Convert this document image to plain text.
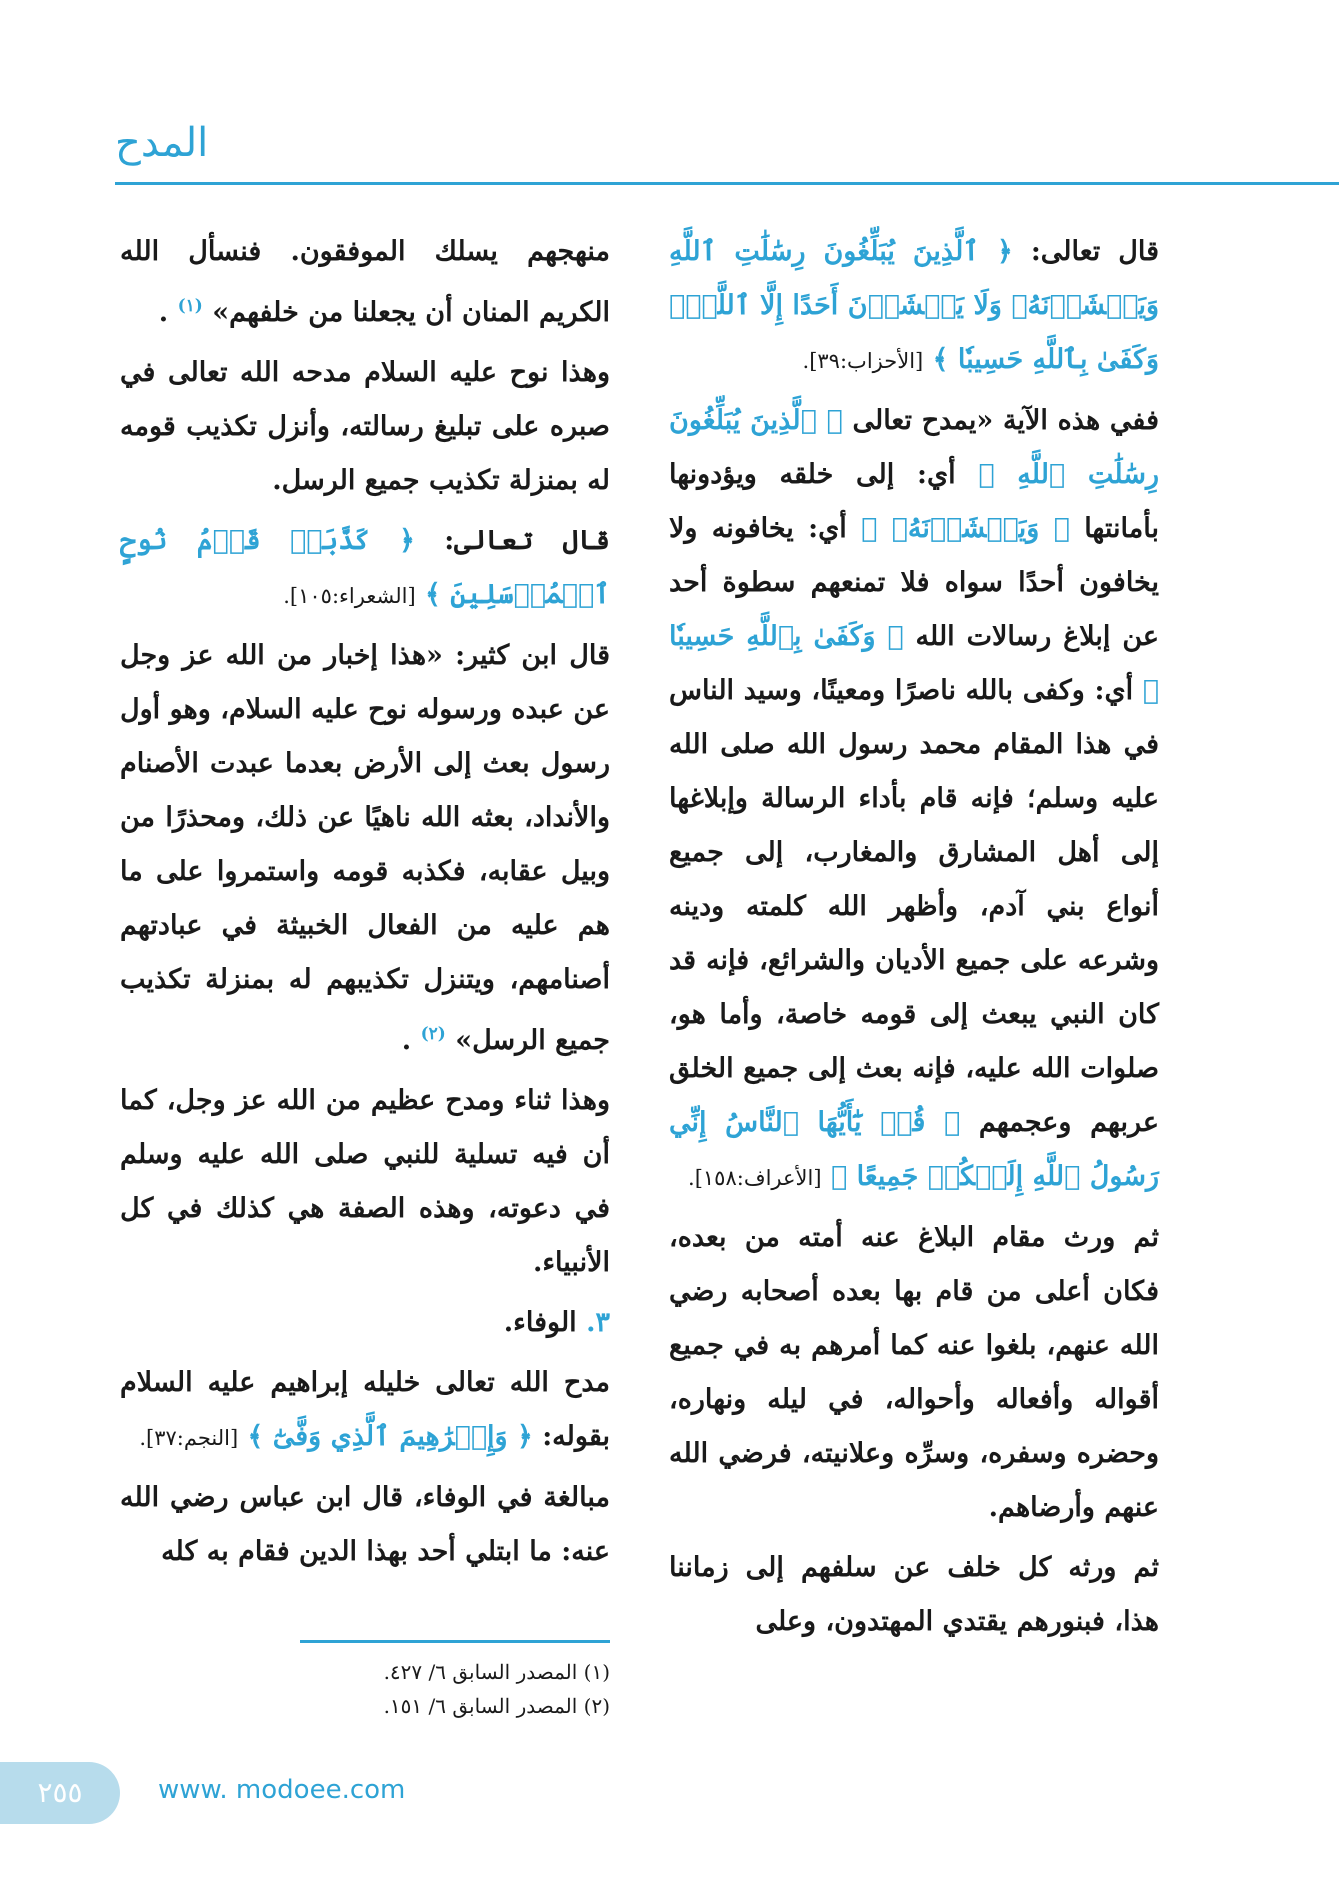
المدح

قال تعالى: ﴿ ٱلَّذِينَ يُبَلِّغُونَ رِسَٰلَٰتِ ٱللَّهِ وَيَخۡشَوۡنَهُۥ وَلَا يَخۡشَوۡنَ أَحَدًا إِلَّا ٱللَّهَۗ وَكَفَىٰ بِٱللَّهِ حَسِيبٗا ﴾ [الأحزاب:٣٩].

ففي هذه الآية «يمدح تعالى ﴿ ٱلَّذِينَ يُبَلِّغُونَ رِسَٰلَٰتِ ٱللَّهِ ﴾ أي: إلى خلقه ويؤدونها بأمانتها ﴿ وَيَخۡشَوۡنَهُۥ ﴾ أي: يخافونه ولا يخافون أحدًا سواه فلا تمنعهم سطوة أحد عن إبلاغ رسالات الله ﴿ وَكَفَىٰ بِٱللَّهِ حَسِيبٗا ﴾ أي: وكفى بالله ناصرًا ومعينًا، وسيد الناس في هذا المقام محمد رسول الله صلى الله عليه وسلم؛ فإنه قام بأداء الرسالة وإبلاغها إلى أهل المشارق والمغارب، إلى جميع أنواع بني آدم، وأظهر الله كلمته ودينه وشرعه على جميع الأديان والشرائع، فإنه قد كان النبي يبعث إلى قومه خاصة، وأما هو، صلوات الله عليه، فإنه بعث إلى جميع الخلق عربهم وعجمهم ﴿ قُلۡ يَٰٓأَيُّهَا ٱلنَّاسُ إِنِّي رَسُولُ ٱللَّهِ إِلَيۡكُمۡ جَمِيعًا ﴾ [الأعراف:١٥٨].

ثم ورث مقام البلاغ عنه أمته من بعده، فكان أعلى من قام بها بعده أصحابه رضي الله عنهم، بلغوا عنه كما أمرهم به في جميع أقواله وأفعاله وأحواله، في ليله ونهاره، وحضره وسفره، وسرِّه وعلانيته، فرضي الله عنهم وأرضاهم.

ثم ورثه كل خلف عن سلفهم إلى زماننا هذا، فبنورهم يقتدي المهتدون، وعلى

منهجهم يسلك الموفقون. فنسأل الله الكريم المنان أن يجعلنا من خلفهم» $^{(١)}$ .

وهذا نوح عليه السلام مدحه الله تعالى في صبره على تبليغ رسالته، وأنزل تكذيب قومه له بمنزلة تكذيب جميع الرسل.

قال تعالى: ﴿ كَذَّبَتۡ قَوۡمُ نُوحٍ ٱلۡمُرۡسَلِينَ ﴾ [الشعراء:١٠٥].

قال ابن كثير: «هذا إخبار من الله عز وجل عن عبده ورسوله نوح عليه السلام، وهو أول رسول بعث إلى الأرض بعدما عبدت الأصنام والأنداد، بعثه الله ناهيًا عن ذلك، ومحذرًا من وبيل عقابه، فكذبه قومه واستمروا على ما هم عليه من الفعال الخبيثة في عبادتهم أصنامهم، ويتنزل تكذيبهم له بمنزلة تكذيب جميع الرسل» $^{(٢)}$ .

وهذا ثناء ومدح عظيم من الله عز وجل، كما أن فيه تسلية للنبي صلى الله عليه وسلم في دعوته، وهذه الصفة هي كذلك في كل الأنبياء.

٣. الوفاء.

مدح الله تعالى خليله إبراهيم عليه السلام بقوله: ﴿ وَإِبۡرَٰهِيمَ ٱلَّذِي وَفَّىٰٓ ﴾ [النجم:٣٧].

مبالغة في الوفاء، قال ابن عباس رضي الله عنه: ما ابتلي أحد بهذا الدين فقام به كله

(١) المصدر السابق ٦/ ٤٢٧.
(٢) المصدر السابق ٦/ ١٥١.
٢٥٥	www. modoee.com
